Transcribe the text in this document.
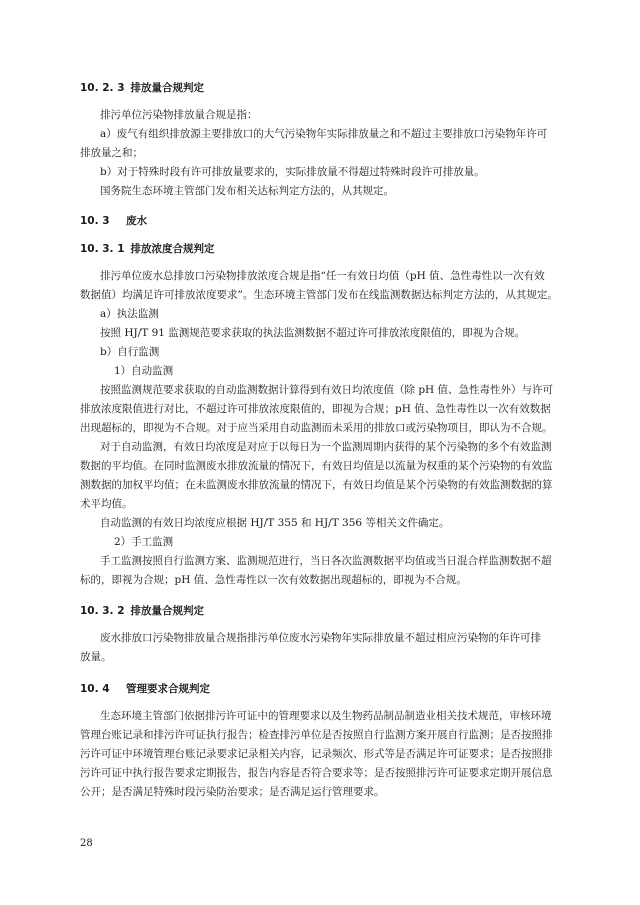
10. 2. 3 排放量合规判定
排污单位污染物排放量合规是指：
a）废气有组织排放源主要排放口的大气污染物年实际排放量之和不超过主要排放口污染物年许可
排放量之和；
b）对于特殊时段有许可排放量要求的，实际排放量不得超过特殊时段许可排放量。
国务院生态环境主管部门发布相关达标判定方法的，从其规定。
10. 3 废水
10. 3. 1 排放浓度合规判定
排污单位废水总排放口污染物排放浓度合规是指“任一有效日均值（pH 值、急性毒性以一次有效
数据值）均满足许可排放浓度要求”。生态环境主管部门发布在线监测数据达标判定方法的，从其规定。
a）执法监测
按照 HJ/T 91 监测规范要求获取的执法监测数据不超过许可排放浓度限值的，即视为合规。
b）自行监测
1）自动监测
按照监测规范要求获取的自动监测数据计算得到有效日均浓度值（除 pH 值、急性毒性外）与许可
排放浓度限值进行对比，不超过许可排放浓度限值的，即视为合规；pH 值、急性毒性以一次有效数据
出现超标的，即视为不合规。对于应当采用自动监测而未采用的排放口或污染物项目，即认为不合规。
对于自动监测，有效日均浓度是对应于以每日为一个监测周期内获得的某个污染物的多个有效监测
数据的平均值。在同时监测废水排放流量的情况下，有效日均值是以流量为权重的某个污染物的有效监
测数据的加权平均值；在未监测废水排放流量的情况下，有效日均值是某个污染物的有效监测数据的算
术平均值。
自动监测的有效日均浓度应根据 HJ/T 355 和 HJ/T 356 等相关文件确定。
2）手工监测
手工监测按照自行监测方案、监测规范进行，当日各次监测数据平均值或当日混合样监测数据不超
标的，即视为合规；pH 值、急性毒性以一次有效数据出现超标的，即视为不合规。
10. 3. 2 排放量合规判定
废水排放口污染物排放量合规指排污单位废水污染物年实际排放量不超过相应污染物的年许可排
放量。
10. 4 管理要求合规判定
生态环境主管部门依据排污许可证中的管理要求以及生物药品制品制造业相关技术规范，审核环境
管理台账记录和排污许可证执行报告；检查排污单位是否按照自行监测方案开展自行监测；是否按照排
污许可证中环境管理台账记录要求记录相关内容，记录频次、形式等是否满足许可证要求；是否按照排
污许可证中执行报告要求定期报告，报告内容是否符合要求等；是否按照排污许可证要求定期开展信息
公开；是否满足特殊时段污染防治要求；是否满足运行管理要求。
28
